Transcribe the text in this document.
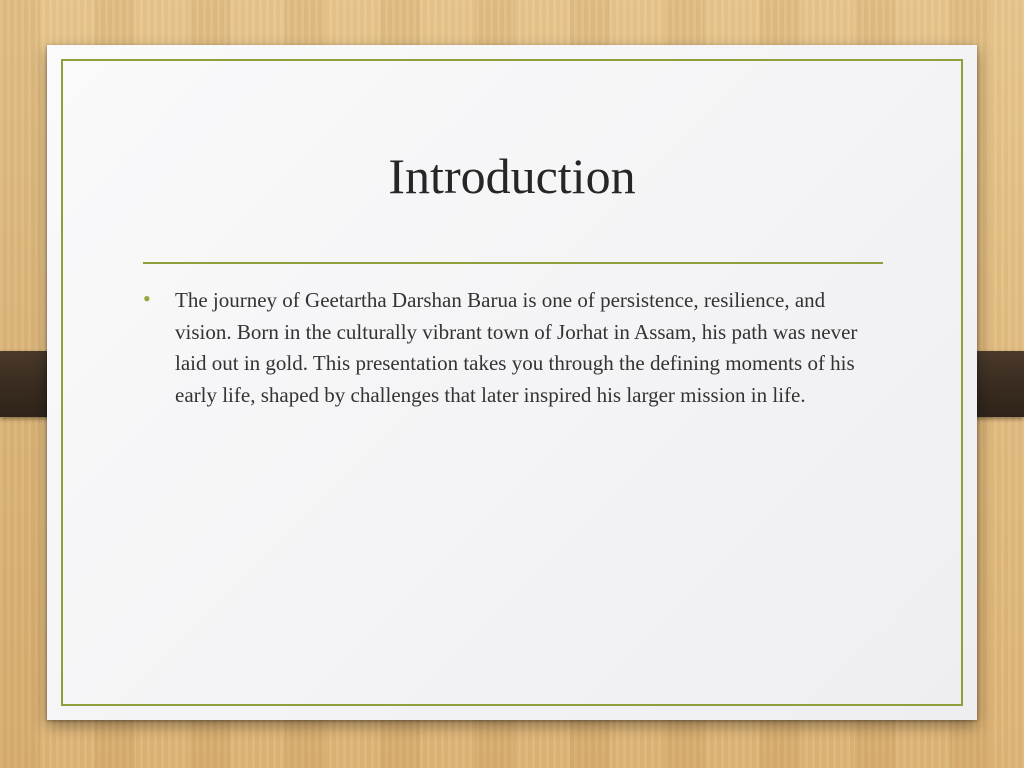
Introduction
• The journey of Geetartha Darshan Barua is one of persistence, resilience, and vision. Born in the culturally vibrant town of Jorhat in Assam, his path was never laid out in gold. This presentation takes you through the defining moments of his early life, shaped by challenges that later inspired his larger mission in life.
